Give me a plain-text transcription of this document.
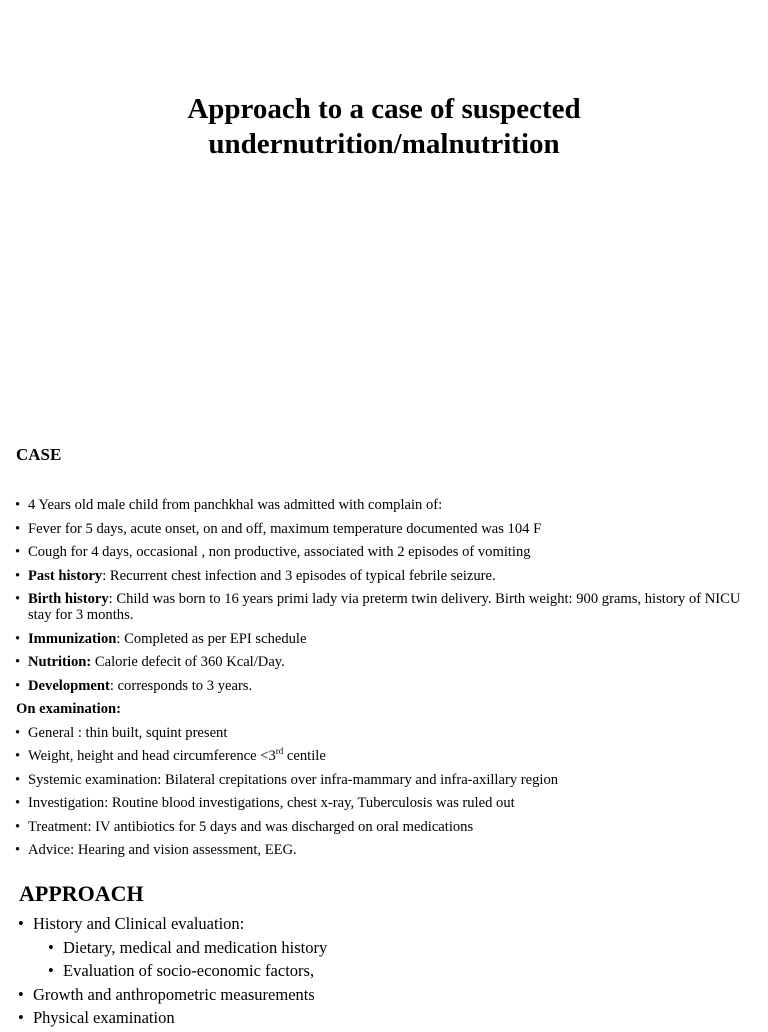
Approach to a case of suspected
undernutrition/malnutrition
CASE
• 4 Years old male child from panchkhal was admitted with complain of:
• Fever for 5 days, acute onset, on and off, maximum temperature documented was 104 F
• Cough for 4 days, occasional , non productive, associated with 2 episodes of vomiting
• Past history: Recurrent chest infection and 3 episodes of typical febrile seizure.
• Birth history: Child was born to 16 years primi lady via preterm twin delivery. Birth weight: 900 grams, history of NICU stay for 3 months.
• Immunization: Completed as per EPI schedule
• Nutrition: Calorie defecit of 360 Kcal/Day.
• Development: corresponds to 3 years.
On examination:
• General : thin built, squint present
• Weight, height and head circumference <3rd centile
• Systemic examination: Bilateral crepitations over infra-mammary and infra-axillary region
• Investigation: Routine blood investigations, chest x-ray, Tuberculosis was ruled out
• Treatment: IV antibiotics for 5 days and was discharged on oral medications
• Advice: Hearing and vision assessment, EEG.
APPROACH
• History and Clinical evaluation:
• Dietary, medical and medication history
• Evaluation of socio-economic factors,
• Growth and anthropometric measurements
• Physical examination
